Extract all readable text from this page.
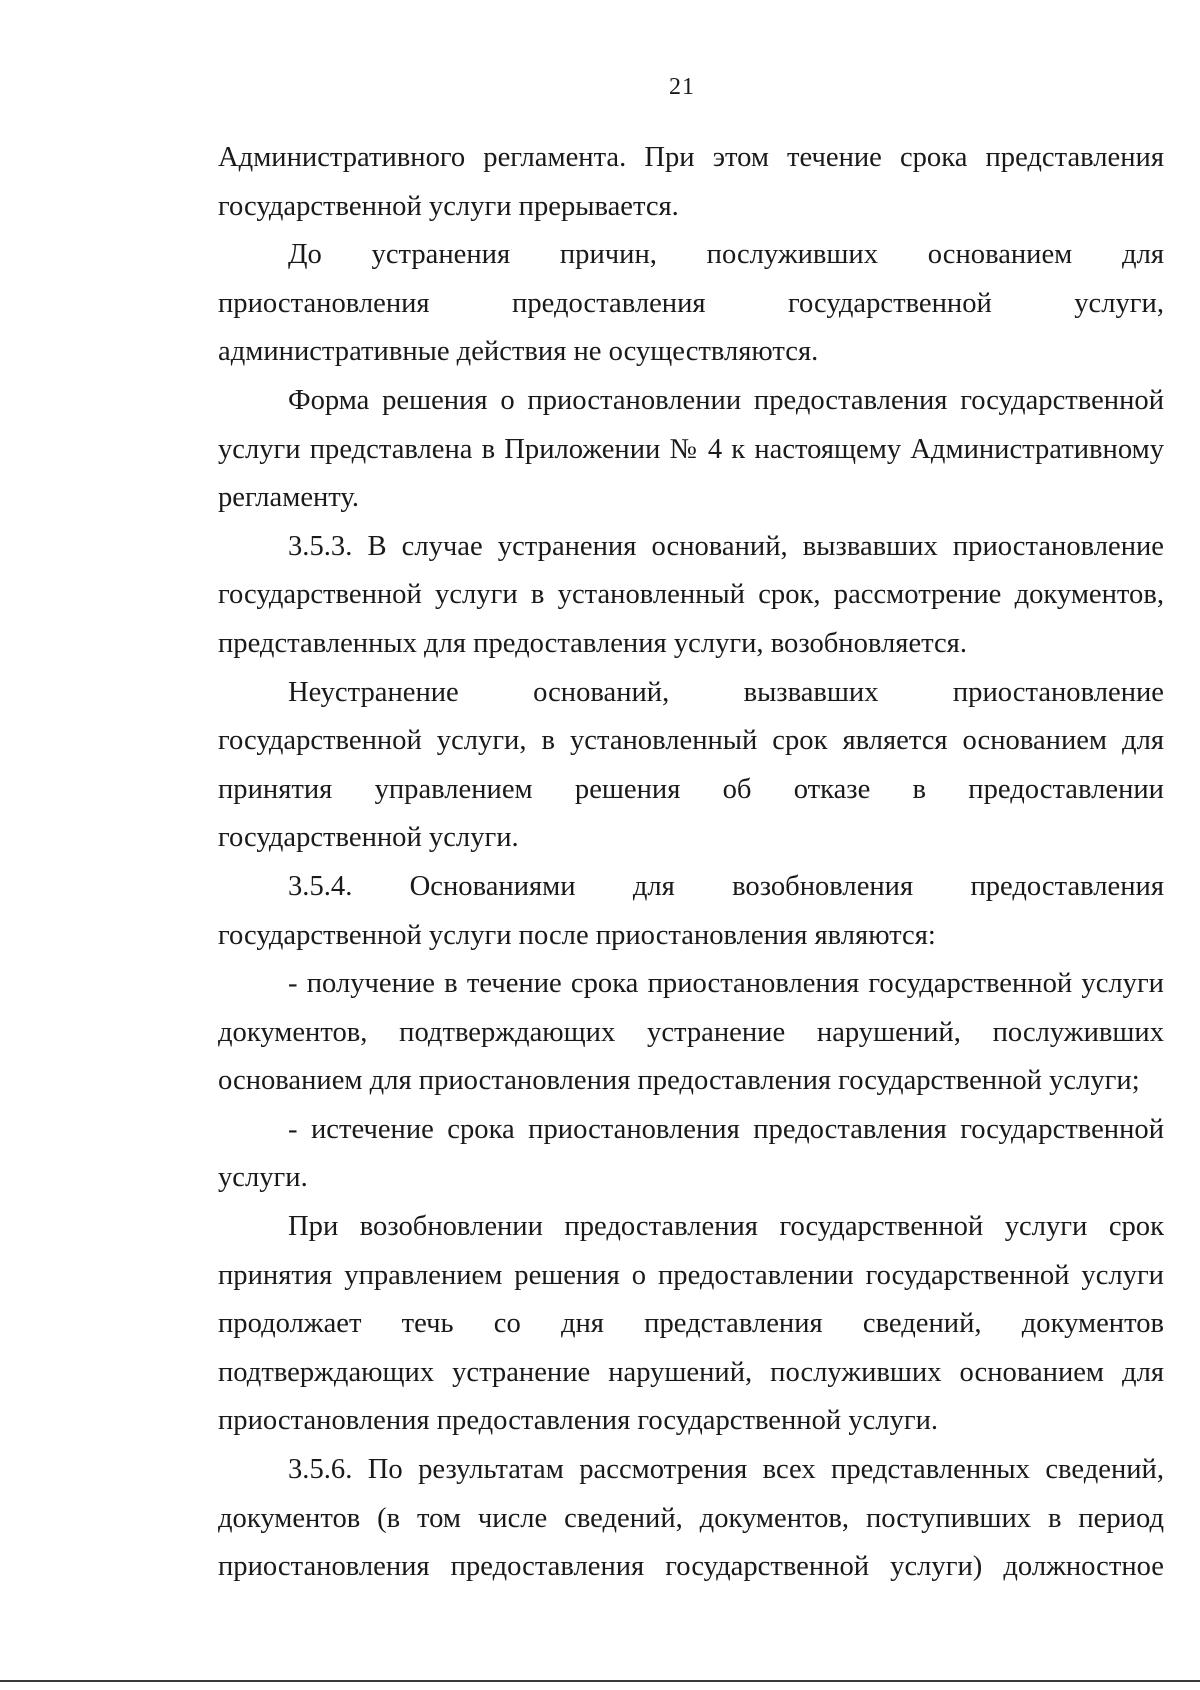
21

Административного регламента. При этом течение срока представления государственной услуги прерывается.

До устранения причин, послуживших основанием для приостановления предоставления государственной услуги, административные действия не осуществляются.

Форма решения о приостановлении предоставления государственной услуги представлена в Приложении № 4 к настоящему Административному регламенту.

3.5.3. В случае устранения оснований, вызвавших приостановление государственной услуги в установленный срок, рассмотрение документов, представленных для предоставления услуги, возобновляется.

Неустранение оснований, вызвавших приостановление государственной услуги, в установленный срок является основанием для принятия управлением решения об отказе в предоставлении государственной услуги.

3.5.4. Основаниями для возобновления предоставления государственной услуги после приостановления являются:

- получение в течение срока приостановления государственной услуги документов, подтверждающих устранение нарушений, послуживших основанием для приостановления предоставления государственной услуги;

- истечение срока приостановления предоставления государственной услуги.

При возобновлении предоставления государственной услуги срок принятия управлением решения о предоставлении государственной услуги продолжает течь со дня представления сведений, документов подтверждающих устранение нарушений, послуживших основанием для приостановления предоставления государственной услуги.

3.5.6. По результатам рассмотрения всех представленных сведений, документов (в том числе сведений, документов, поступивших в период приостановления предоставления государственной услуги) должностное
